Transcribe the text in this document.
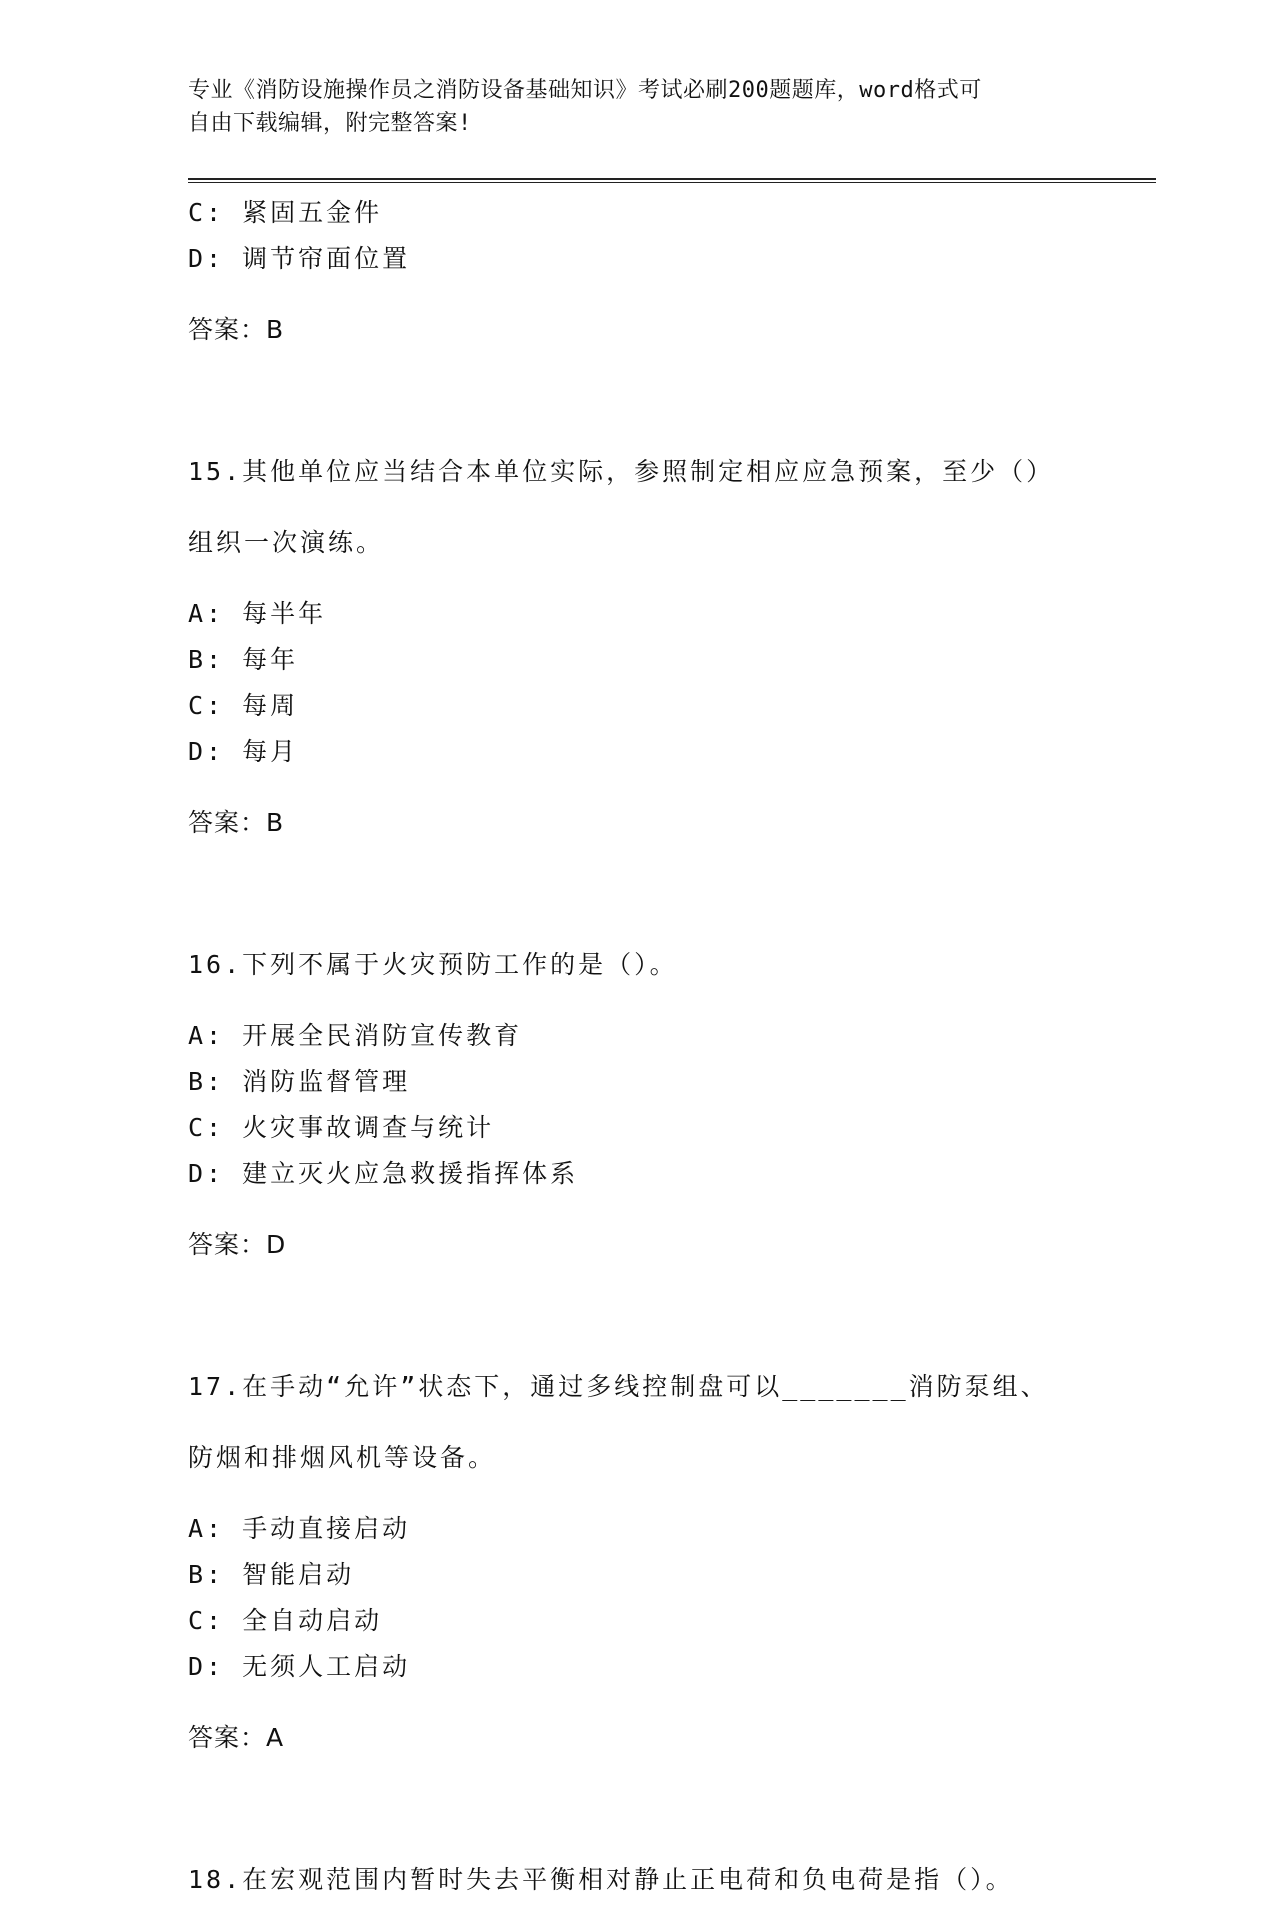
专业《消防设施操作员之消防设备基础知识》考试必刷200题题库，word格式可
自由下载编辑，附完整答案!

C: 紧固五金件

D: 调节帘面位置

答案：B

15.其他单位应当结合本单位实际，参照制定相应应急预案，至少（）

组织一次演练。

A: 每半年

B: 每年

C: 每周

D: 每月

答案：B

16.下列不属于火灾预防工作的是（）。

A: 开展全民消防宣传教育

B: 消防监督管理

C: 火灾事故调查与统计

D: 建立灭火应急救援指挥体系

答案：D

17.在手动“允许”状态下，通过多线控制盘可以_______消防泵组、

防烟和排烟风机等设备。

A: 手动直接启动

B: 智能启动

C: 全自动启动

D: 无须人工启动

答案：A

18.在宏观范围内暂时失去平衡相对静止正电荷和负电荷是指（）。
